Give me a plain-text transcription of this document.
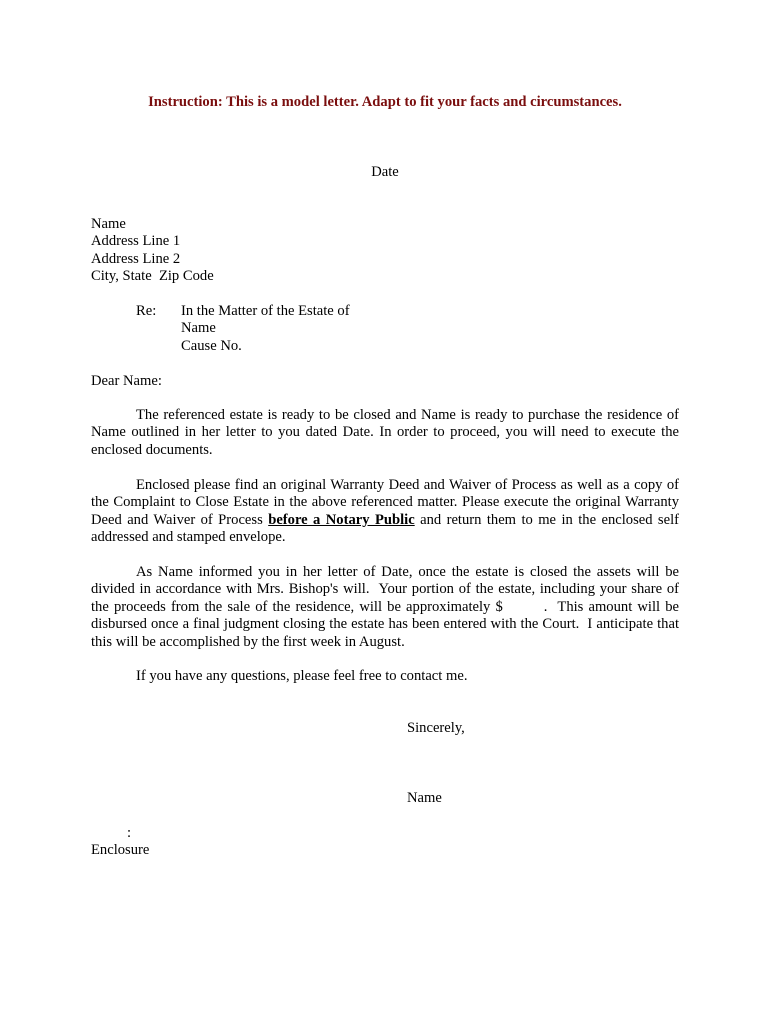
Instruction: This is a model letter. Adapt to fit your facts and circumstances.
Date
Name
Address Line 1
Address Line 2
City, State  Zip Code
Re: In the Matter of the Estate of
Name
Cause No.
Dear Name:
The referenced estate is ready to be closed and Name is ready to purchase the residence of Name outlined in her letter to you dated Date. In order to proceed, you will need to execute the enclosed documents.
Enclosed please find an original Warranty Deed and Waiver of Process as well as a copy of the Complaint to Close Estate in the above referenced matter. Please execute the original Warranty Deed and Waiver of Process before a Notary Public and return them to me in the enclosed self addressed and stamped envelope.
As Name informed you in her letter of Date, once the estate is closed the assets will be divided in accordance with Mrs. Bishop's will.  Your portion of the estate, including your share of the proceeds from the sale of the residence, will be approximately $        .  This amount will be disbursed once a final judgment closing the estate has been entered with the Court.  I anticipate that this will be accomplished by the first week in August.
If you have any questions, please feel free to contact me.
Sincerely,
Name
:
Enclosure
